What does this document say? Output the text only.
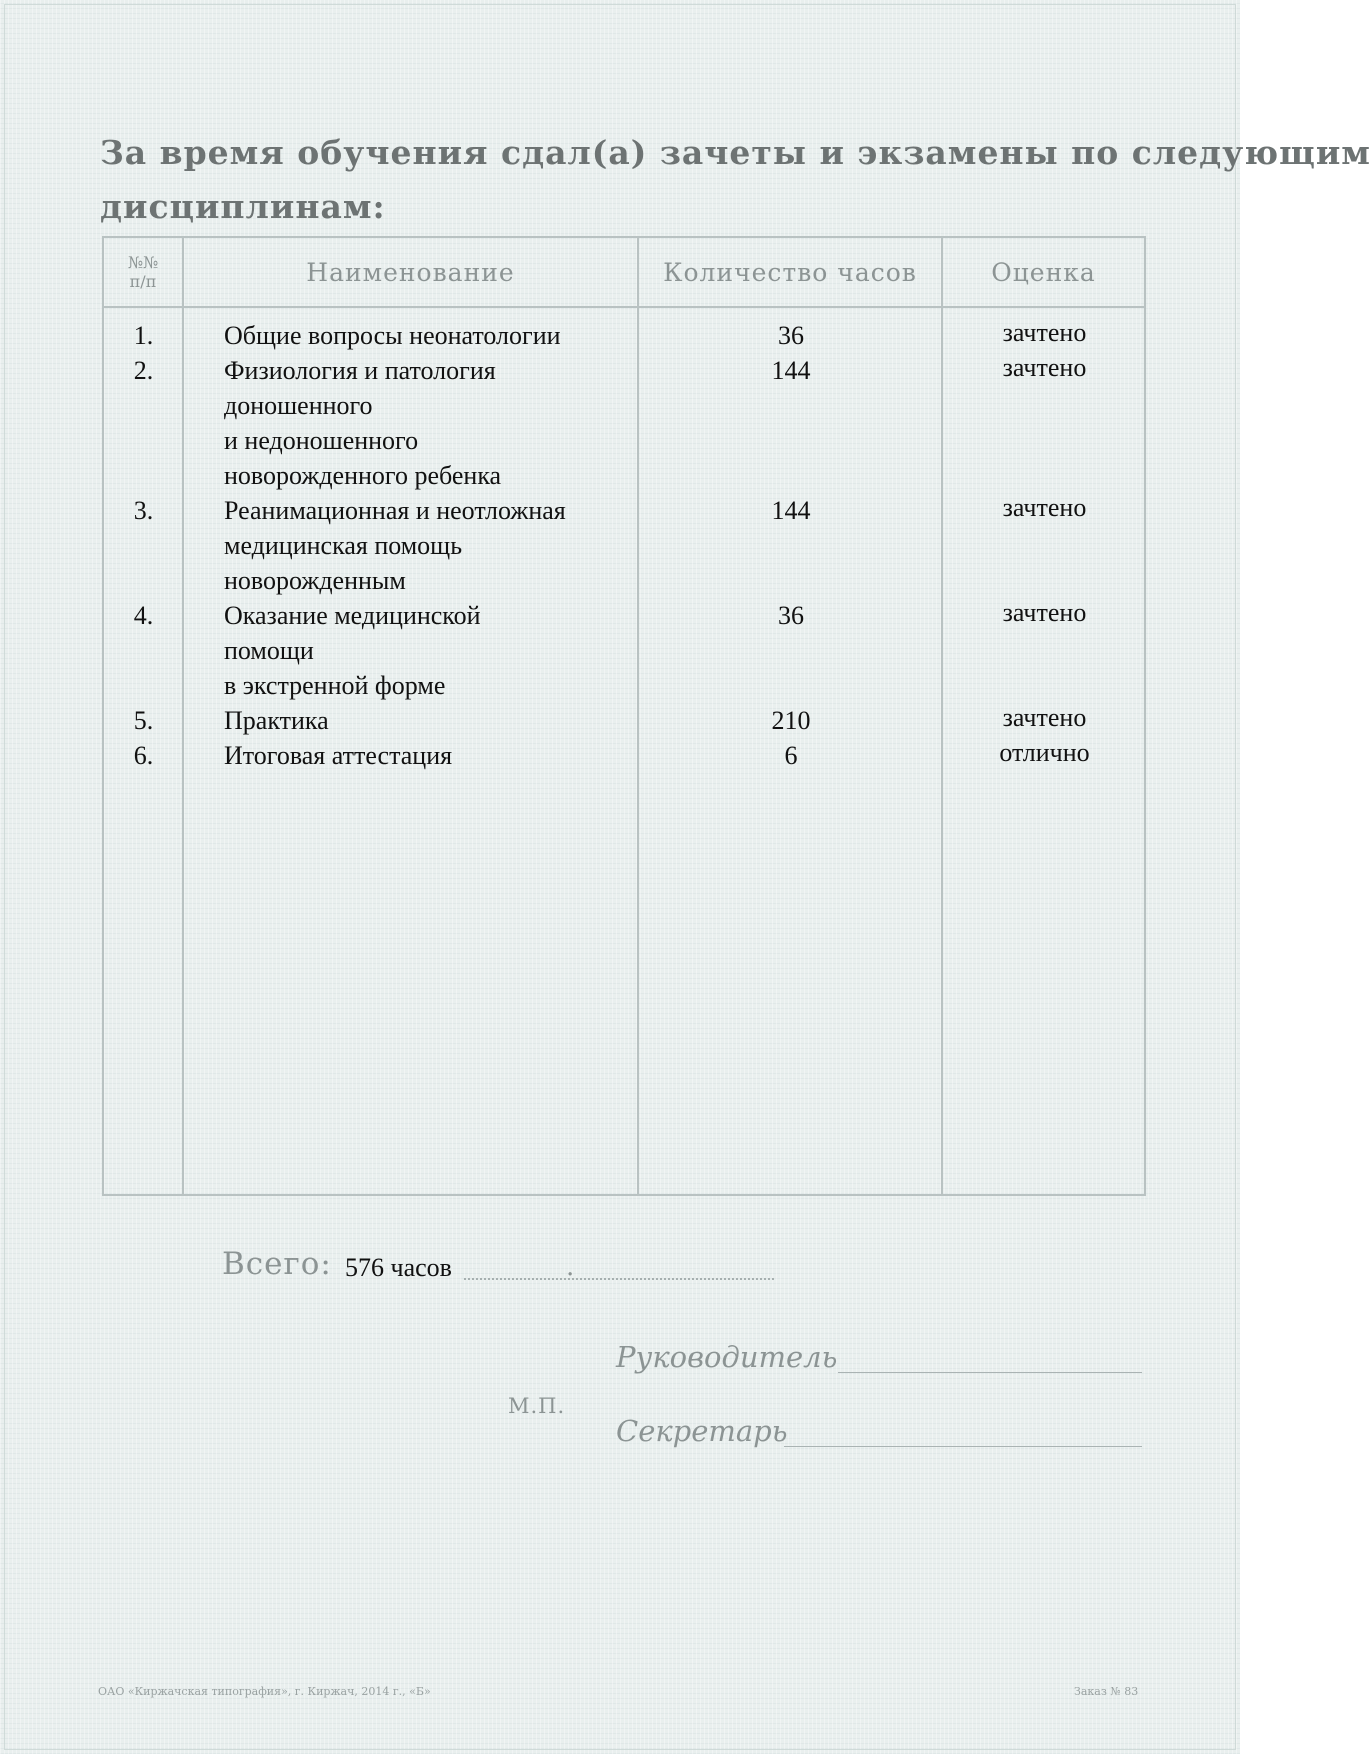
За время обучения сдал(а) зачеты и экзамены по следующим
дисциплинам:
№№
п/п	Наименование	Количество часов	Оценка
1.	Общие вопросы неонатологии	36	зачтено
2.	Физиология и патология
доношенного
и недоношенного
новорожденного ребенка
144	зачтено
3.	Реанимационная и неотложная
медицинская помощь
новорожденным
144	зачтено
4.	Оказание медицинской
помощи
в экстренной форме
36	зачтено
5.	Практика	210	зачтено
6.	Итоговая аттестация	6	отлично
Всего: 576 часов	.
Руководитель
М.П.
Секретарь
ОАО «Киржачская типография», г. Киржач, 2014 г., «Б»	Заказ № 83
